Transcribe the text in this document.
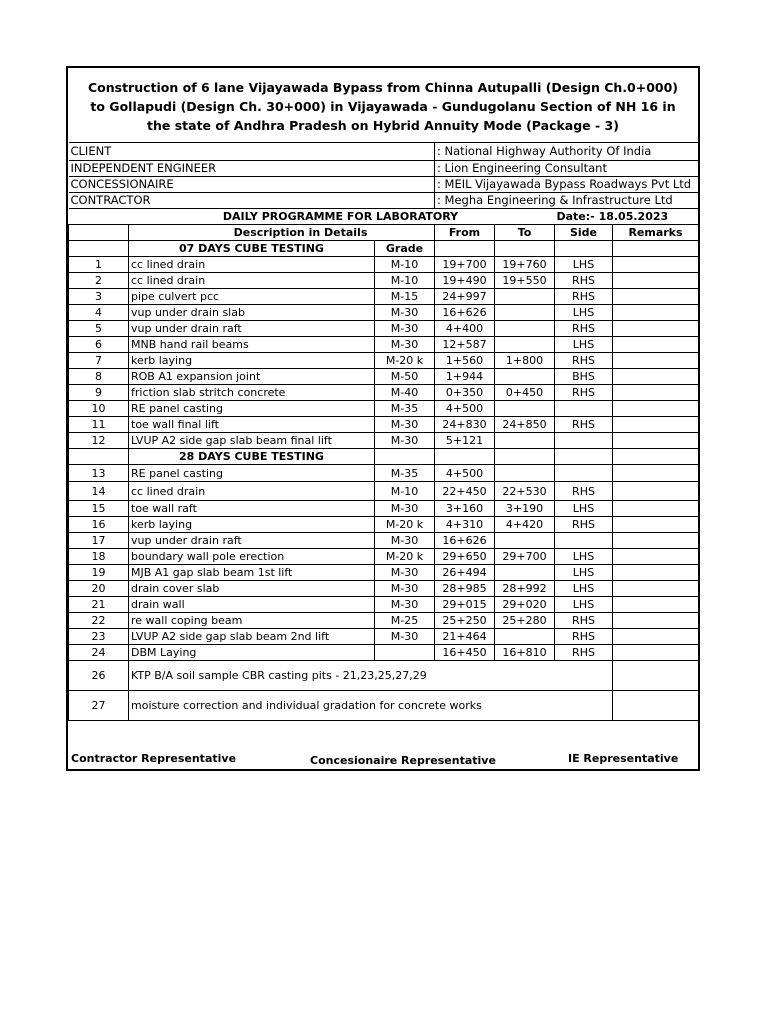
Construction of 6 lane Vijayawada Bypass from Chinna Autupalli (Design Ch.0+000)
to Gollapudi (Design Ch. 30+000) in Vijayawada - Gundugolanu Section of NH 16 in
the state of Andhra Pradesh on Hybrid Annuity Mode (Package - 3)
CLIENT			: National Highway Authority Of India			
INDEPENDENT ENGINEER			: Lion Engineering Consultant			
CONCESSIONAIRE			: MEIL Vijayawada Bypass Roadways Pvt Ltd			
CONTRACTOR			: Megha Engineering & Infrastructure Ltd			
DAILY PROGRAMME FOR LABORATORY					Date:- 18.05.2023	
	Description in Details		From	To	Side	Remarks
	07 DAYS CUBE TESTING	Grade				
1	cc lined drain	M-10	19+700	19+760	LHS	
2	cc lined drain	M-10	19+490	19+550	RHS	
3	pipe culvert pcc	M-15	24+997		RHS	
4	vup under drain slab	M-30	16+626		LHS	
5	vup under drain raft	M-30	4+400		RHS	
6	MNB hand rail beams	M-30	12+587		LHS	
7	kerb laying	M-20 k	1+560	1+800	RHS	
8	ROB A1 expansion joint	M-50	1+944		BHS	
9	friction slab stritch concrete	M-40	0+350	0+450	RHS	
10	RE panel casting	M-35	4+500			
11	toe wall final lift	M-30	24+830	24+850	RHS	
12	LVUP A2 side gap slab beam final lift	M-30	5+121			
	28 DAYS CUBE TESTING					
13	RE panel casting	M-35	4+500			
14	cc lined drain	M-10	22+450	22+530	RHS	
15	toe wall raft	M-30	3+160	3+190	LHS	
16	kerb laying	M-20 k	4+310	4+420	RHS	
17	vup under drain raft	M-30	16+626			
18	boundary wall pole erection	M-20 k	29+650	29+700	LHS	
19	MJB A1 gap slab beam 1st lift	M-30	26+494		LHS	
20	drain cover slab	M-30	28+985	28+992	LHS	
21	drain wall	M-30	29+015	29+020	LHS	
22	re wall coping beam	M-25	25+250	25+280	RHS	
23	LVUP A2 side gap slab beam 2nd lift	M-30	21+464		RHS	
24	DBM Laying		16+450	16+810	RHS	
26	KTP B/A soil sample CBR casting pits - 21,23,25,27,29					
27	moisture correction and individual gradation for concrete works					
Contractor Representative	Concesionaire Representative	IE Representative
